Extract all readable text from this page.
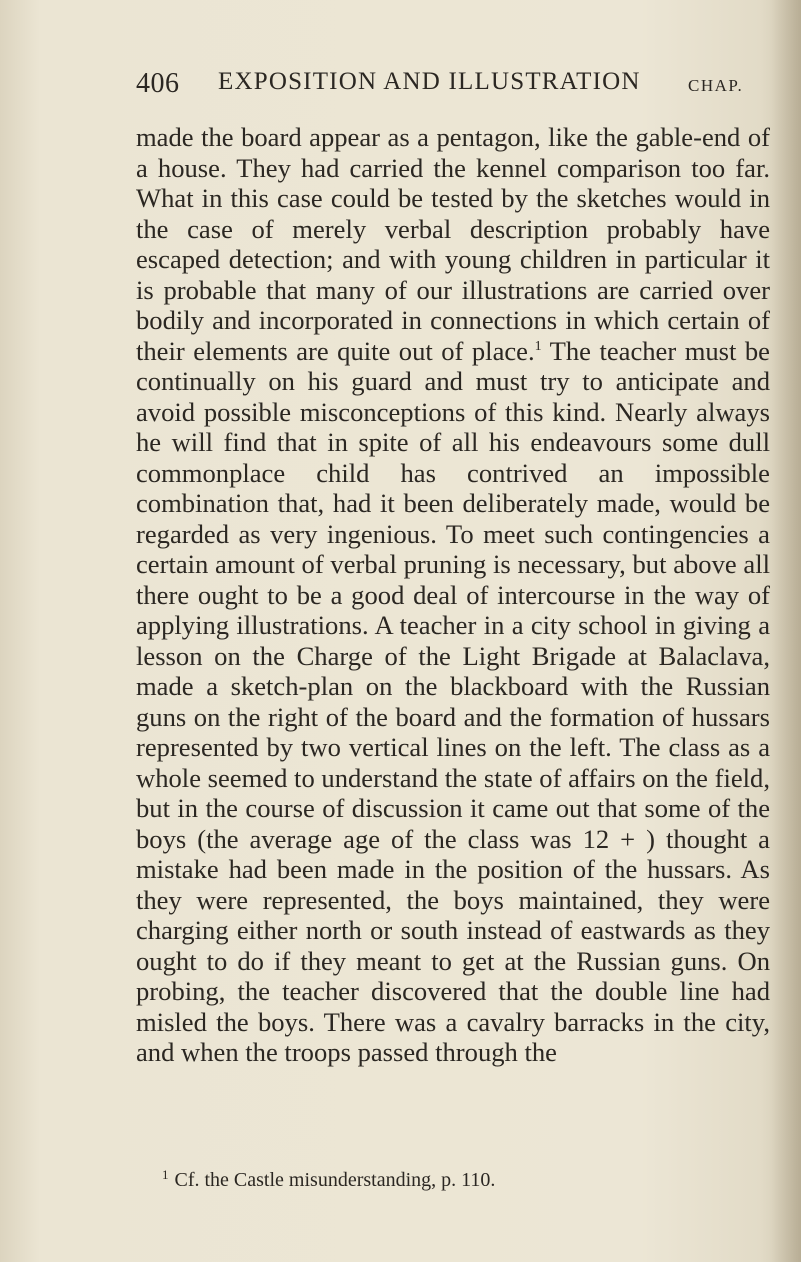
406 EXPOSITION AND ILLUSTRATION	CHAP.

made the board appear as a pentagon, like the gable-end of a house. They had carried the kennel comparison too far. What in this case could be tested by the sketches would in the case of merely verbal description probably have escaped detection; and with young children in particular it is probable that many of our illustrations are carried over bodily and incorporated in connections in which certain of their elements are quite out of place.$^1$ The teacher must be continually on his guard and must try to anticipate and avoid possible misconceptions of this kind. Nearly always he will find that in spite of all his endeavours some dull commonplace child has contrived an impossible combination that, had it been deliberately made, would be regarded as very ingenious. To meet such contingencies a certain amount of verbal pruning is necessary, but above all there ought to be a good deal of intercourse in the way of applying illustrations. A teacher in a city school in giving a lesson on the Charge of the Light Brigade at Balaclava, made a sketch-plan on the blackboard with the Russian guns on the right of the board and the formation of hussars represented by two vertical lines on the left. The class as a whole seemed to understand the state of affairs on the field, but in the course of discussion it came out that some of the boys (the average age of the class was 12 + ) thought a mistake had been made in the position of the hussars. As they were represented, the boys maintained, they were charging either north or south instead of eastwards as they ought to do if they meant to get at the Russian guns. On probing, the teacher discovered that the double line had misled the boys. There was a cavalry barracks in the city, and when the troops passed through the

$^1$ Cf. the Castle misunderstanding, p. 110.
